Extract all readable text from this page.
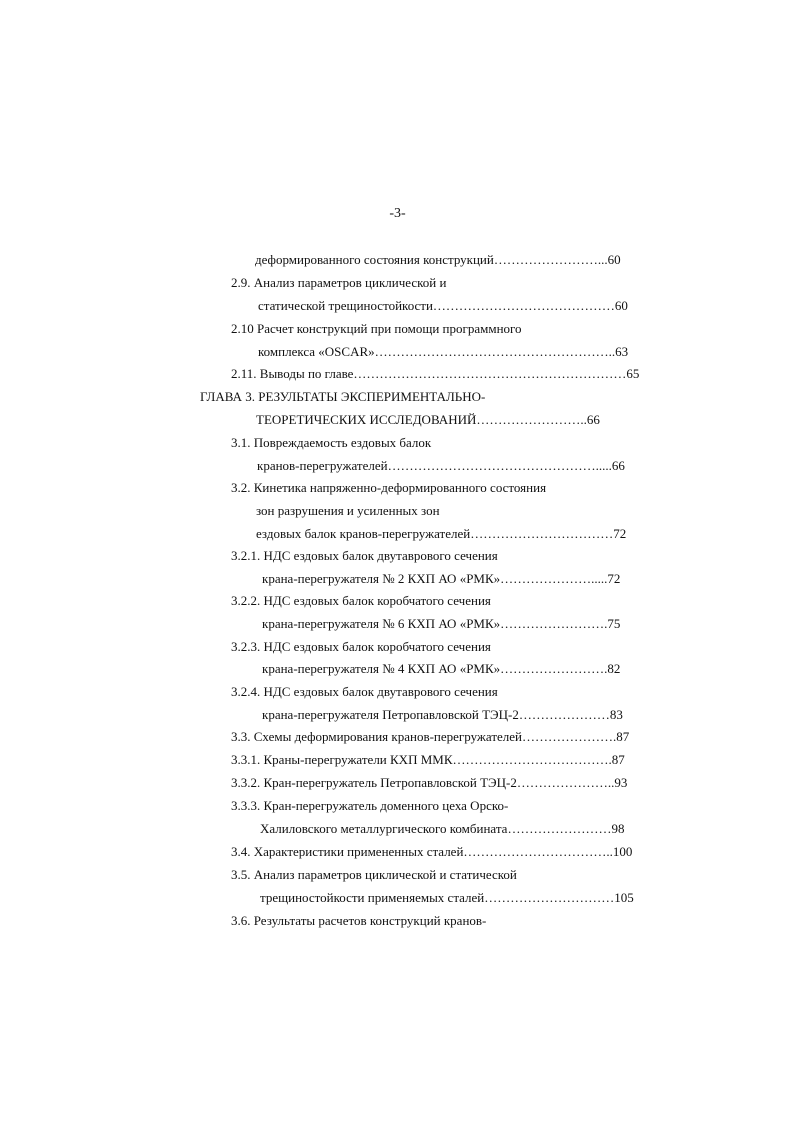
-3-
деформированного состояния конструкций……………………...60
2.9. Анализ параметров циклической и
статической трещиностойкости……………………………………60
2.10 Расчет конструкций при помощи программного
комплекса «OSCAR»………………………………………………..63
2.11. Выводы по главе………………………………………………………65
ГЛАВА 3. РЕЗУЛЬТАТЫ ЭКСПЕРИМЕНТАЛЬНО-
ТЕОРЕТИЧЕСКИХ ИССЛЕДОВАНИЙ……………………..66
3.1. Повреждаемость ездовых балок
кранов-перегружателей………………………………………….....66
3.2. Кинетика напряженно-деформированного состояния
зон разрушения и усиленных зон
ездовых балок кранов-перегружателей……………………………72
3.2.1. НДС ездовых балок двутаврового сечения
крана-перегружателя № 2 КХП АО «РМК»………………….....72
3.2.2. НДС ездовых балок коробчатого сечения
крана-перегружателя № 6 КХП АО «РМК»…………………….75
3.2.3. НДС ездовых балок коробчатого сечения
крана-перегружателя № 4 КХП АО «РМК»…………………….82
3.2.4. НДС ездовых балок двутаврового сечения
крана-перегружателя Петропавловской ТЭЦ-2…………………83
3.3. Схемы деформирования кранов-перегружателей………………….87
3.3.1. Краны-перегружатели КХП ММК……………………………….87
3.3.2. Кран-перегружатель Петропавловской ТЭЦ-2…………………..93
3.3.3. Кран-перегружатель доменного цеха Орско-
Халиловского металлургического комбината……………………98
3.4. Характеристики примененных сталей……………………………..100
3.5. Анализ параметров циклической и статической
трещиностойкости применяемых сталей…………………………105
3.6. Результаты расчетов конструкций кранов-
